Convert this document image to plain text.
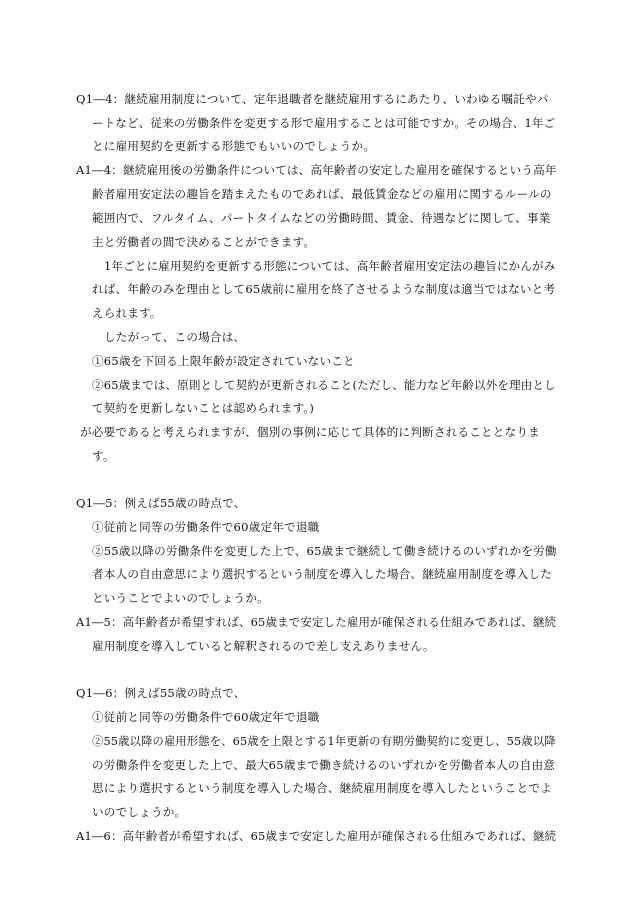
Q1―4：継続雇用制度について、定年退職者を継続雇用するにあたり、いわゆる嘱託やパ
ートなど、従来の労働条件を変更する形で雇用することは可能ですか。その場合、1年ご
とに雇用契約を更新する形態でもいいのでしょうか。
A1―4：継続雇用後の労働条件については、高年齢者の安定した雇用を確保するという高年
齢者雇用安定法の趣旨を踏まえたものであれば、最低賃金などの雇用に関するルールの
範囲内で、フルタイム、パートタイムなどの労働時間、賃金、待遇などに関して、事業
主と労働者の間で決めることができます。
1年ごとに雇用契約を更新する形態については、高年齢者雇用安定法の趣旨にかんがみ
れば、年齢のみを理由として65歳前に雇用を終了させるような制度は適当ではないと考
えられます。
したがって、この場合は、
①65歳を下回る上限年齢が設定されていないこと
②65歳までは、原則として契約が更新されること(ただし、能力など年齢以外を理由とし
て契約を更新しないことは認められます。)
が必要であると考えられますが、個別の事例に応じて具体的に判断されることとなりま
す。
Q1―5：例えば55歳の時点で、
①従前と同等の労働条件で60歳定年で退職
②55歳以降の労働条件を変更した上で、65歳まで継続して働き続けるのいずれかを労働
者本人の自由意思により選択するという制度を導入した場合、継続雇用制度を導入した
ということでよいのでしょうか。
A1―5：高年齢者が希望すれば、65歳まで安定した雇用が確保される仕組みであれば、継続
雇用制度を導入していると解釈されるので差し支えありません。
Q1―6：例えば55歳の時点で、
①従前と同等の労働条件で60歳定年で退職
②55歳以降の雇用形態を、65歳を上限とする1年更新の有期労働契約に変更し、55歳以降
の労働条件を変更した上で、最大65歳まで働き続けるのいずれかを労働者本人の自由意
思により選択するという制度を導入した場合、継続雇用制度を導入したということでよ
いのでしょうか。
A1―6：高年齢者が希望すれば、65歳まで安定した雇用が確保される仕組みであれば、継続
